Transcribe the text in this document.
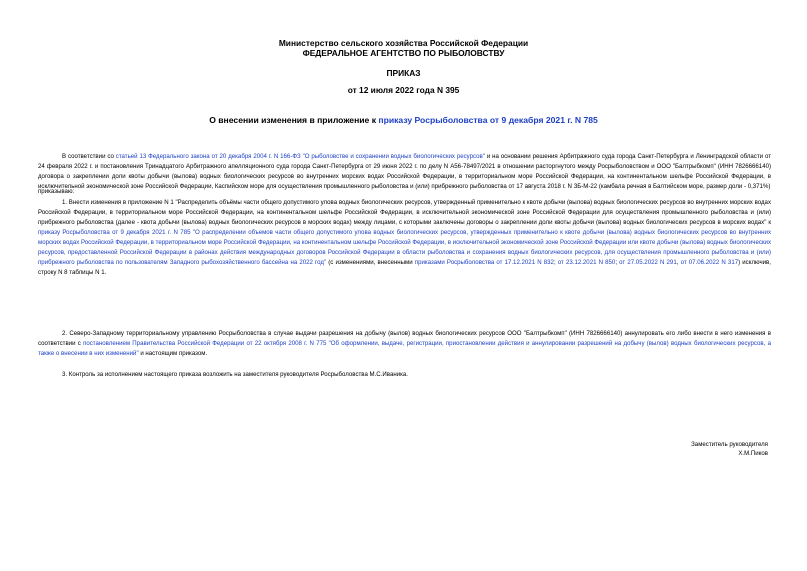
Министерство сельского хозяйства Российской Федерации

ФЕДЕРАЛЬНОЕ АГЕНТСТВО ПО РЫБОЛОВСТВУ

ПРИКАЗ

от 12 июля 2022 года N 395

О внесении изменения в приложение к приказу Росрыболовства от 9 декабря 2021 г. N 785

В соответствии со статьей 13 Федерального закона от 20 декабря 2004 г. N 166-ФЗ "О рыболовстве и сохранении водных биологических ресурсов" и на основании решения Арбитражного суда города Санкт-Петербурга и Ленинградской области от 24 февраля 2022 г. и постановления Тринадцатого Арбитражного апелляционного суда города Санкт-Петербурга от 29 июня 2022 г. по делу N А56-78497/2021 в отношении расторгнутого между Росрыболовством и ООО "Балтрыбкомп" (ИНН 7826666140) договора о закреплении доли квоты добычи (вылова) водных биологических ресурсов во внутренних морских водах Российской Федерации, в территориальном море Российской Федерации, на континентальном шельфе Российской Федерации, в исключительной экономической зоне Российской Федерации, Каспийском море для осуществления промышленного рыболовства и (или) прибрежного рыболовства от 17 августа 2018 г. N ЗБ-М-22 (камбала речная в Балтийском море, размер доли - 0,371%)

приказываю:

1. Внести изменения в приложение N 1 "Распределить объёмы части общего допустимого улова водных биологических ресурсов, утвержденный применительно к квоте добычи (вылова) водных биологических ресурсов во внутренних морских водах Российской Федерации, в территориальном море Российской Федерации, на континентальном шельфе Российской Федерации, в исключительной экономической зоне Российской Федерации для осуществления промышленного рыболовства и (или) прибрежного рыболовства (далее - квота добычи (вылова) водных биологических ресурсов в морских водах) между лицами, с которыми заключены договоры о закреплении доли квоты добычи (вылова) водных биологических ресурсов в морских водах" к приказу Росрыболовства от 9 декабря 2021 г. N 785 "О распределении объемов части общего допустимого улова водных биологических ресурсов, утвержденных применительно к квоте добычи (вылова) водных биологических ресурсов во внутренних морских водах Российской Федерации, в территориальном море Российской Федерации, на континентальном шельфе Российской Федерации, в исключительной экономической зоне Российской Федерации или квоте добычи (вылова) водных биологических ресурсов, предоставленной Российской Федерации в районах действия международных договоров Российской Федерации в области рыболовства и сохранения водных биологических ресурсов, для осуществления промышленного рыболовства и (или) прибрежного рыболовства по пользователям Западного рыбохозяйственного бассейна на 2022 год" (с изменениями, внесенными приказами Росрыболовства от 17.12.2021 N 832; от 23.12.2021 N 850; от 27.05.2022 N 291, от 07.06.2022 N 317) исключив, строку N 8 таблицы N 1.

2. Северо-Западному территориальному управлению Росрыболовства в случае выдачи разрешения на добычу (вылов) водных биологических ресурсов ООО "Балтрыбкомп" (ИНН 7826666140) аннулировать его либо внести в него изменения в соответствии с постановлением Правительства Российской Федерации от 22 октября 2008 г. N 775 "Об оформлении, выдаче, регистрации, приостановлении действия и аннулировании разрешений на добычу (вылов) водных биологических ресурсов, а также о внесении в них изменений" и настоящим приказом.

3. Контроль за исполнением настоящего приказа возложить на заместителя руководителя Росрыболовства М.С.Иваника.

Заместитель руководителя

Х.М.Пиков
